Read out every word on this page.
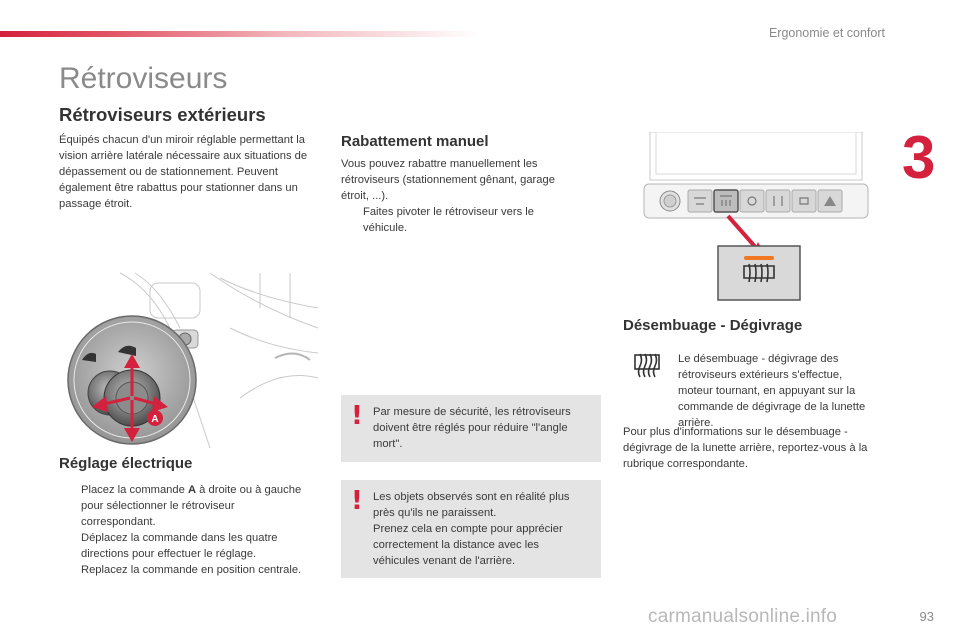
Ergonomie et confort
3
Rétroviseurs
Rétroviseurs extérieurs

Équipés chacun d'un miroir réglable permettant la vision arrière latérale nécessaire aux situations de dépassement ou de stationnement. Peuvent également être rabattus pour stationner dans un passage étroit.

A
Réglage électrique
Placez la commande A à droite ou à gauche pour sélectionner le rétroviseur correspondant.
Déplacez la commande dans les quatre directions pour effectuer le réglage.
Replacez la commande en position centrale.
Rabattement manuel

Vous pouvez rabattre manuellement les rétroviseurs (stationnement gênant, garage étroit, ...).

Faites pivoter le rétroviseur vers le véhicule.
! Par mesure de sécurité, les rétroviseurs
doivent être réglés pour réduire "l'angle
mort".
! Les objets observés sont en réalité plus
près qu'ils ne paraissent.
Prenez cela en compte pour apprécier
correctement la distance avec les
véhicules venant de l'arrière.
Désembuage - Dégivrage

Le désembuage - dégivrage des rétroviseurs extérieurs s'effectue, moteur tournant, en appuyant sur la commande de dégivrage de la lunette arrière.

Pour plus d'informations sur le désembuage - dégivrage de la lunette arrière, reportez-vous à la rubrique correspondante.

carmanualsonline.info	93
